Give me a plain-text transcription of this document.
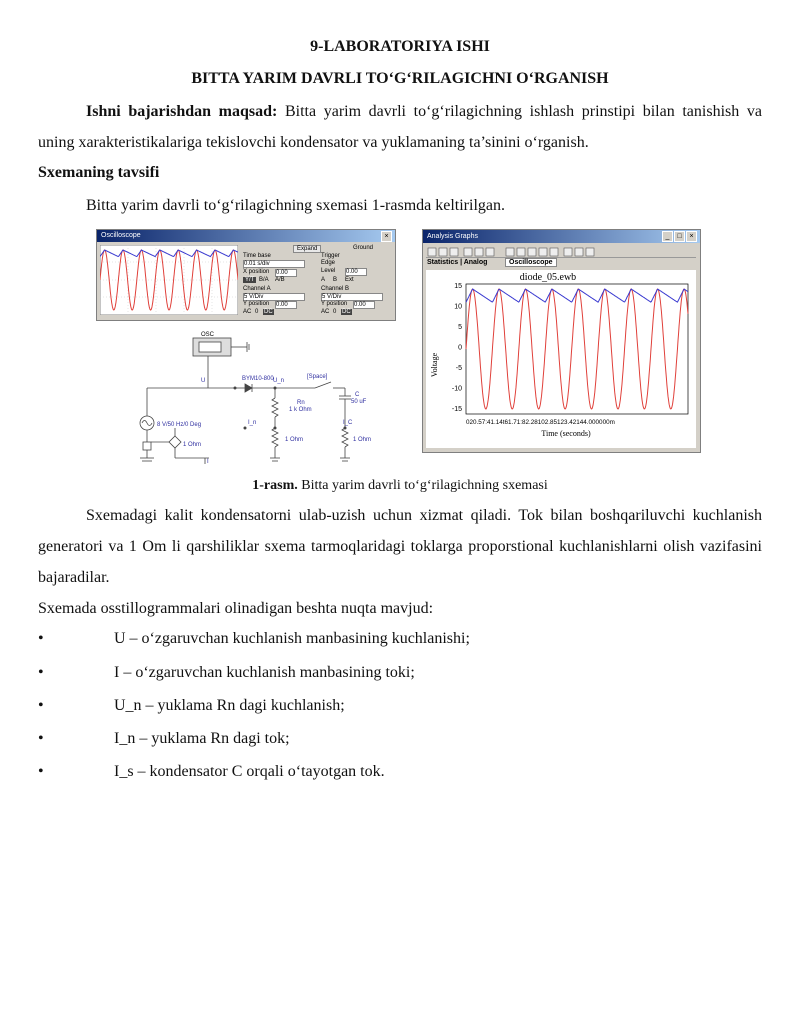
9-LABORATORIYA ISHI
BITTA YARIM DAVRLI TO‘G‘RILAGICHNI O‘RGANISH
Ishni bajarishdan maqsad: Bitta yarim davrli to‘g‘rilagichning ishlash prinstipi bilan tanishish va uning xarakteristikalariga tekislovchi kondensator va yuklamaning ta’sinini o‘rganish.
Sxemaning tavsifi
Bitta yarim davrli to‘g‘rilagichning sxemasi 1-rasmda keltirilgan.
Oscilloscope	×
Expand	Ground
Time base
0.01 s/div
X position 0.00
Y/T B/A A/B
Channel A
5 V/Div
Y position 0.00
AC 0 DC
Trigger
Edge
Level 0.00
A B Ext
Channel B
5 V/Div
Y position 0.00
AC 0 DC
Analysis Graphs	×
□
_
Statistics | Analog	Oscilloscope
diode_05.ewb
15
10
5
0
-5
-10
-15
020.57:41.14t61.71:82.28102.85123.42144.000000m
Time (seconds)
Voltage
OSC
8 V/50 Hz/0 Deg
BYM10-800	[Space]
Rn
1 k Ohm
C
50 uF
1 Ohm
1 Ohm	1 Ohm
U	U_n
I_n	I_C
I
1-rasm. Bitta yarim davrli to‘g‘rilagichning sxemasi
Sxemadagi kalit kondensatorni ulab-uzish uchun xizmat qiladi. Tok bilan boshqariluvchi kuchlanish generatori va 1 Om li qarshiliklar sxema tarmoqlaridagi toklarga proporstional kuchlanishlarni olish vazifasini bajaradilar.
Sxemada osstillogrammalari olinadigan beshta nuqta mavjud:
•	U – o‘zgaruvchan kuchlanish manbasining kuchlanishi;
•	I – o‘zgaruvchan kuchlanish manbasining toki;
•	U_n – yuklama Rn dagi kuchlanish;
•	I_n – yuklama Rn dagi tok;
•	I_s – kondensator C orqali o‘tayotgan tok.
